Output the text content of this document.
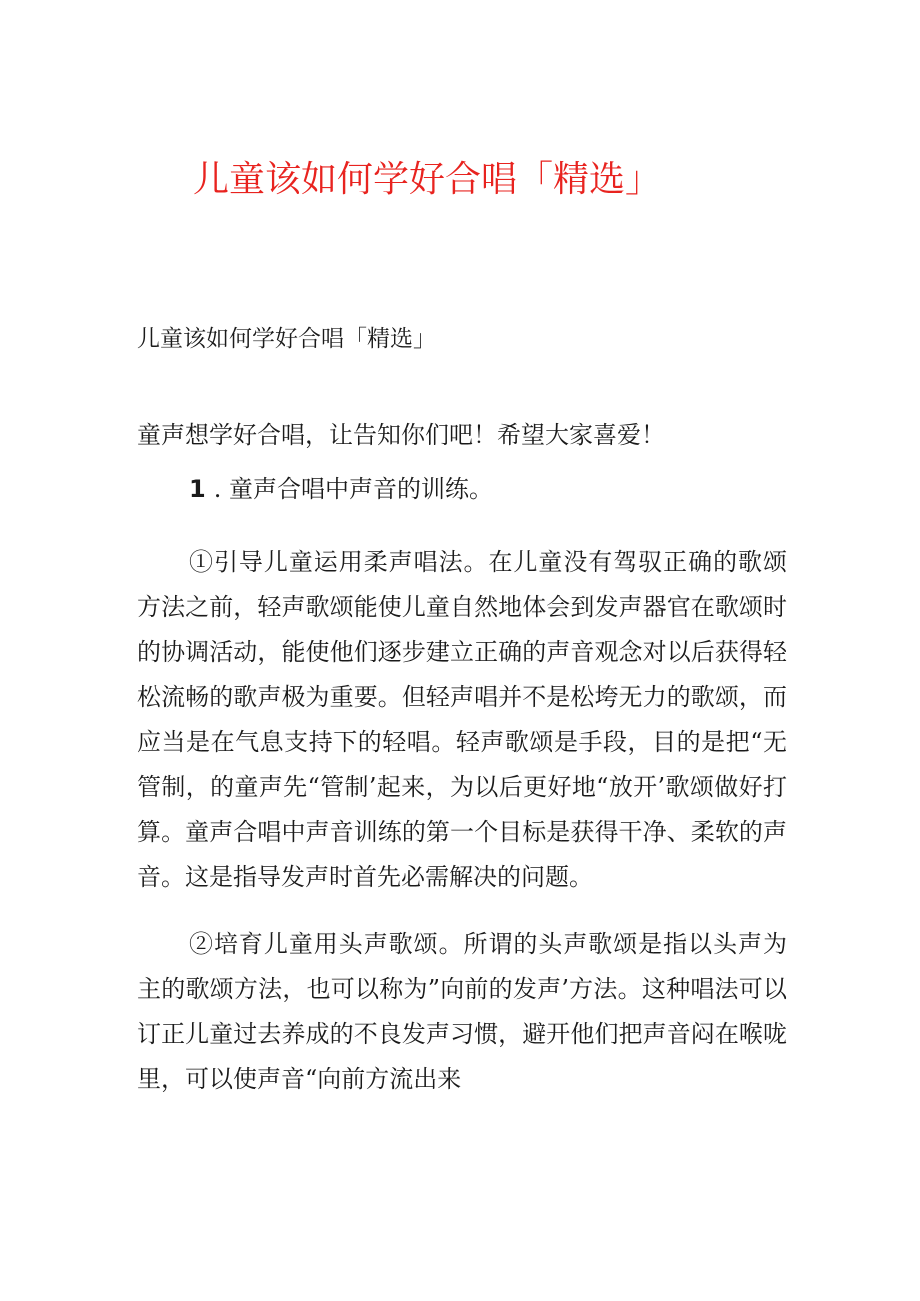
儿童该如何学好合唱「精选」
儿童该如何学好合唱「精选」
童声想学好合唱，让告知你们吧！希望大家喜爱！
1 . 童声合唱中声音的训练。

①引导儿童运用柔声唱法。在儿童没有驾驭正确的歌颂方法之前，轻声歌颂能使儿童自然地体会到发声器官在歌颂时的协调活动，能使他们逐步建立正确的声音观念对以后获得轻松流畅的歌声极为重要。但轻声唱并不是松垮无力的歌颂，而应当是在气息支持下的轻唱。轻声歌颂是手段，目的是把“无管制，的童声先“管制’起来，为以后更好地“放开’歌颂做好打算。童声合唱中声音训练的第一个目标是获得干净、柔软的声音。这是指导发声时首先必需解决的问题。

②培育儿童用头声歌颂。所谓的头声歌颂是指以头声为主的歌颂方法，也可以称为”向前的发声’方法。这种唱法可以订正儿童过去养成的不良发声习惯，避开他们把声音闷在喉咙里，可以使声音“向前方流出来
